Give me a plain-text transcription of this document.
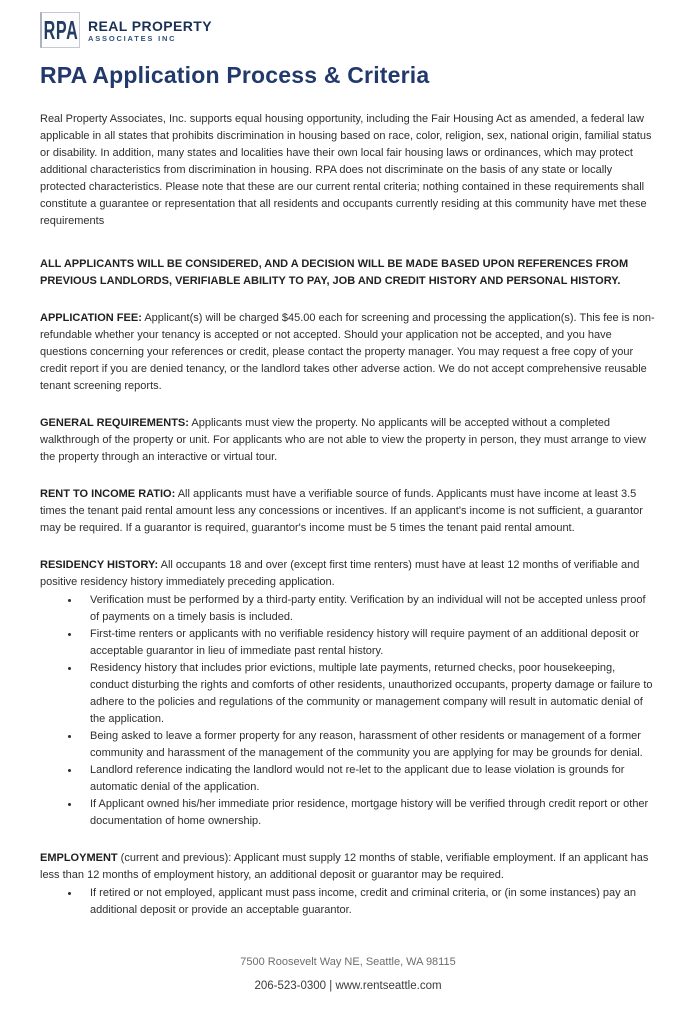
RPA REAL PROPERTY
ASSOCIATES INC
RPA Application Process & Criteria

Real Property Associates, Inc. supports equal housing opportunity, including the Fair Housing Act as amended, a federal law applicable in all states that prohibits discrimination in housing based on race, color, religion, sex, national origin, familial status or disability. In addition, many states and localities have their own local fair housing laws or ordinances, which may protect additional characteristics from discrimination in housing. RPA does not discriminate on the basis of any state or locally protected characteristics. Please note that these are our current rental criteria; nothing contained in these requirements shall constitute a guarantee or representation that all residents and occupants currently residing at this community have met these requirements

ALL APPLICANTS WILL BE CONSIDERED, AND A DECISION WILL BE MADE BASED UPON REFERENCES FROM PREVIOUS LANDLORDS, VERIFIABLE ABILITY TO PAY, JOB AND CREDIT HISTORY AND PERSONAL HISTORY.

APPLICATION FEE: Applicant(s) will be charged $45.00 each for screening and processing the application(s). This fee is non-refundable whether your tenancy is accepted or not accepted. Should your application not be accepted, and you have questions concerning your references or credit, please contact the property manager. You may request a free copy of your credit report if you are denied tenancy, or the landlord takes other adverse action. We do not accept comprehensive reusable tenant screening reports.
GENERAL REQUIREMENTS: Applicants must view the property. No applicants will be accepted without a completed walkthrough of the property or unit. For applicants who are not able to view the property in person, they must arrange to view the property through an interactive or virtual tour.
RENT TO INCOME RATIO: All applicants must have a verifiable source of funds. Applicants must have income at least 3.5 times the tenant paid rental amount less any concessions or incentives. If an applicant's income is not sufficient, a guarantor may be required. If a guarantor is required, guarantor's income must be 5 times the tenant paid rental amount.
RESIDENCY HISTORY: All occupants 18 and over (except first time renters) must have at least 12 months of verifiable and positive residency history immediately preceding application.
• Verification must be performed by a third-party entity. Verification by an individual will not be accepted unless proof of payments on a timely basis is included.
• First-time renters or applicants with no verifiable residency history will require payment of an additional deposit or acceptable guarantor in lieu of immediate past rental history.
• Residency history that includes prior evictions, multiple late payments, returned checks, poor housekeeping, conduct disturbing the rights and comforts of other residents, unauthorized occupants, property damage or failure to adhere to the policies and regulations of the community or management company will result in automatic denial of the application.
• Being asked to leave a former property for any reason, harassment of other residents or management of a former community and harassment of the management of the community you are applying for may be grounds for denial.
• Landlord reference indicating the landlord would not re-let to the applicant due to lease violation is grounds for automatic denial of the application.
• If Applicant owned his/her immediate prior residence, mortgage history will be verified through credit report or other documentation of home ownership.
EMPLOYMENT (current and previous): Applicant must supply 12 months of stable, verifiable employment. If an applicant has less than 12 months of employment history, an additional deposit or guarantor may be required.
• If retired or not employed, applicant must pass income, credit and criminal criteria, or (in some instances) pay an additional deposit or provide an acceptable guarantor.
7500 Roosevelt Way NE, Seattle, WA 98115
206-523-0300 | www.rentseattle.com
